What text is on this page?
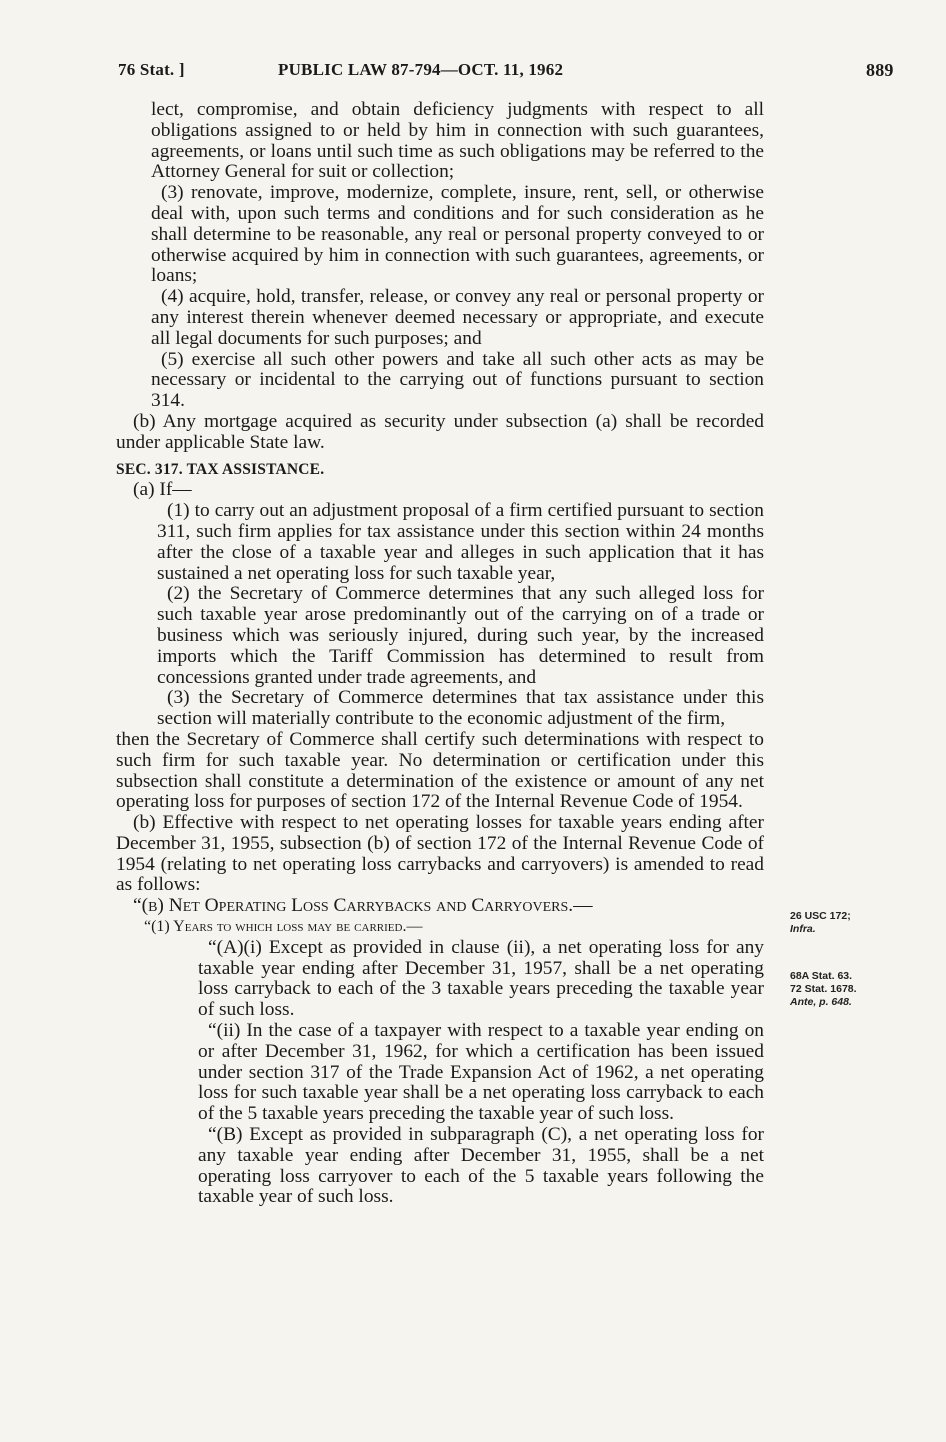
76 Stat. ]	PUBLIC LAW 87-794—OCT. 11, 1962	889

lect, compromise, and obtain deficiency judgments with respect to all obligations assigned to or held by him in connection with such guarantees, agreements, or loans until such time as such obligations may be referred to the Attorney General for suit or collection;

(3) renovate, improve, modernize, complete, insure, rent, sell, or otherwise deal with, upon such terms and conditions and for such consideration as he shall determine to be reasonable, any real or personal property conveyed to or otherwise acquired by him in connection with such guarantees, agreements, or loans;

(4) acquire, hold, transfer, release, or convey any real or personal property or any interest therein whenever deemed necessary or appropriate, and execute all legal documents for such purposes; and

(5) exercise all such other powers and take all such other acts as may be necessary or incidental to the carrying out of functions pursuant to section 314.

(b) Any mortgage acquired as security under subsection (a) shall be recorded under applicable State law.

SEC. 317. TAX ASSISTANCE.

(a) If—

(1) to carry out an adjustment proposal of a firm certified pursuant to section 311, such firm applies for tax assistance under this section within 24 months after the close of a taxable year and alleges in such application that it has sustained a net operating loss for such taxable year,

(2) the Secretary of Commerce determines that any such alleged loss for such taxable year arose predominantly out of the carrying on of a trade or business which was seriously injured, during such year, by the increased imports which the Tariff Commission has determined to result from concessions granted under trade agreements, and

(3) the Secretary of Commerce determines that tax assistance under this section will materially contribute to the economic adjustment of the firm,

then the Secretary of Commerce shall certify such determinations with respect to such firm for such taxable year. No determination or certification under this subsection shall constitute a determination of the existence or amount of any net operating loss for purposes of section 172 of the Internal Revenue Code of 1954.

(b) Effective with respect to net operating losses for taxable years ending after December 31, 1955, subsection (b) of section 172 of the Internal Revenue Code of 1954 (relating to net operating loss carrybacks and carryovers) is amended to read as follows:

“(b) Net Operating Loss Carrybacks and Carryovers.—

“(1) Years to which loss may be carried.—

“(A)(i) Except as provided in clause (ii), a net operating loss for any taxable year ending after December 31, 1957, shall be a net operating loss carryback to each of the 3 taxable years preceding the taxable year of such loss.

“(ii) In the case of a taxpayer with respect to a taxable year ending on or after December 31, 1962, for which a certification has been issued under section 317 of the Trade Expansion Act of 1962, a net operating loss for such taxable year shall be a net operating loss carryback to each of the 5 taxable years preceding the taxable year of such loss.

“(B) Except as provided in subparagraph (C), a net operating loss for any taxable year ending after December 31, 1955, shall be a net operating loss carryover to each of the 5 taxable years following the taxable year of such loss.

26 USC 172;
Infra.
68A Stat. 63.
72 Stat. 1678.
Ante, p. 648.
